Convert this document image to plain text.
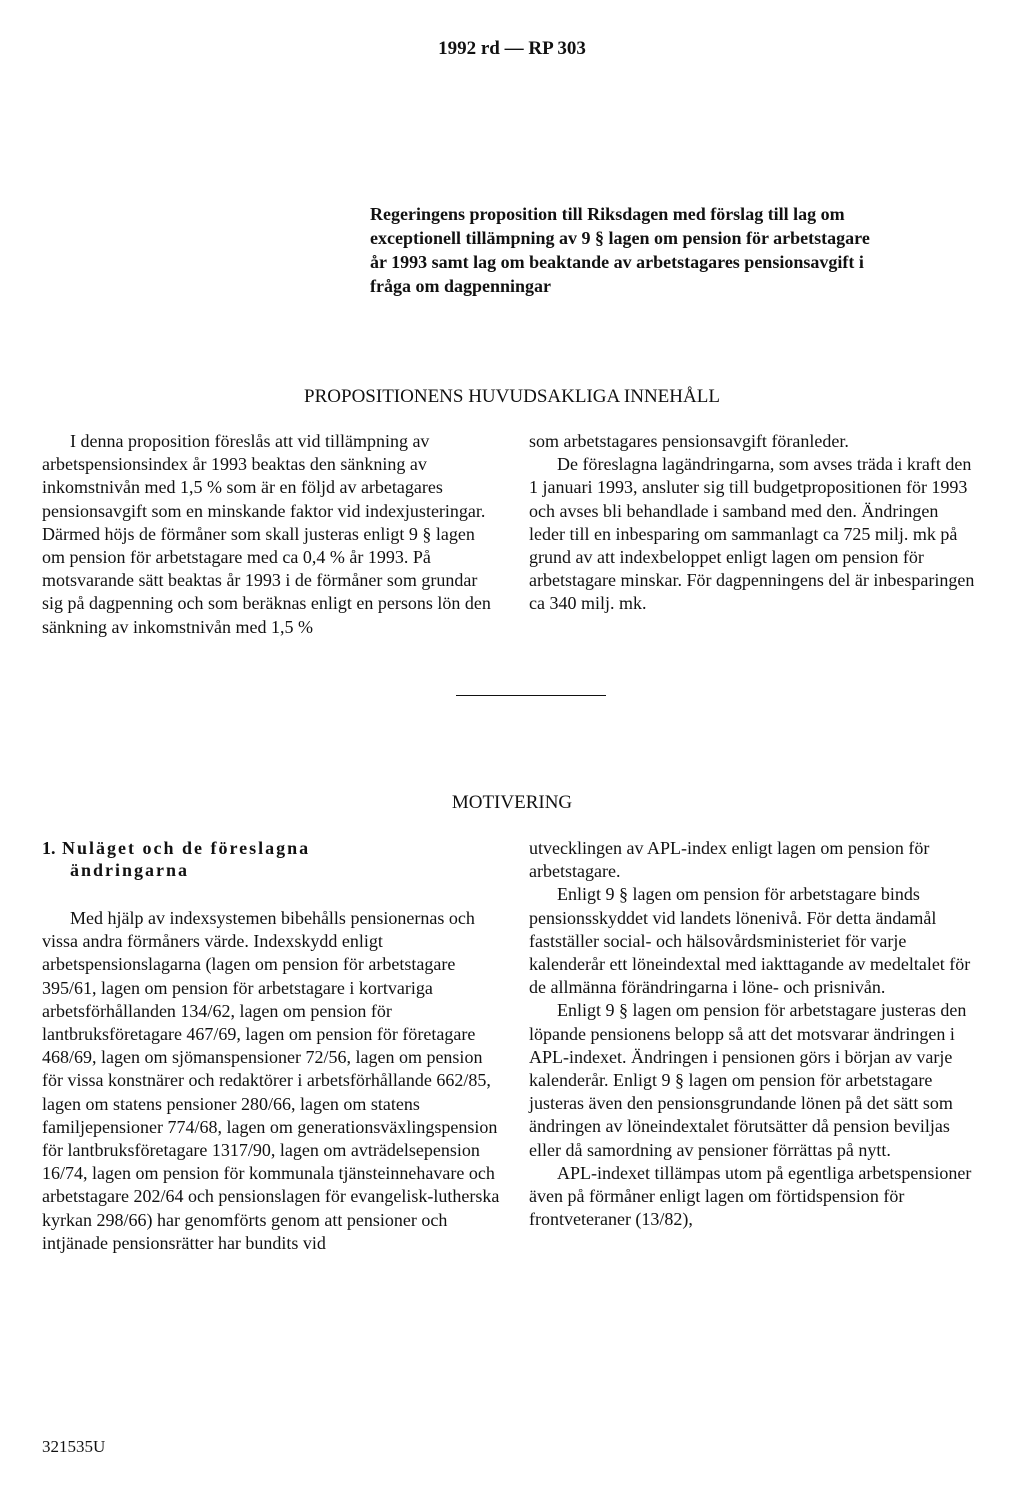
1992 rd — RP 303

Regeringens proposition till Riksdagen med förslag till lag om

exceptionell tillämpning av 9 § lagen om pension för arbetstagare

år 1993 samt lag om beaktande av arbetstagares pensionsavgift i

fråga om dagpenningar

PROPOSITIONENS HUVUDSAKLIGA INNEHÅLL

I denna proposition föreslås att vid tillämpning av arbetspensionsindex år 1993 beaktas den sänkning av inkomstnivån med 1,5 % som är en följd av arbetagares pensionsavgift som en minskande faktor vid indexjusteringar. Därmed höjs de förmåner som skall justeras enligt 9 § lagen om pension för arbetstagare med ca 0,4 % år 1993. På motsvarande sätt beaktas år 1993 i de förmåner som grundar sig på dagpenning och som beräknas enligt en persons lön den sänkning av inkomstnivån med 1,5 %

som arbetstagares pensionsavgift föranleder.

De föreslagna lagändringarna, som avses träda i kraft den 1 januari 1993, ansluter sig till budgetpropositionen för 1993 och avses bli behandlade i samband med den. Ändringen leder till en inbesparing om sammanlagt ca 725 milj. mk på grund av att indexbeloppet enligt lagen om pension för arbetstagare minskar. För dagpenningens del är inbesparingen ca 340 milj. mk.

MOTIVERING

1. Nuläget och de föreslagna
ändringarna

Med hjälp av indexsystemen bibehålls pensionernas och vissa andra förmåners värde. Indexskydd enligt arbetspensionslagarna (lagen om pension för arbetstagare 395/61, lagen om pension för arbetstagare i kortvariga arbetsförhållanden 134/62, lagen om pension för lantbruksföretagare 467/69, lagen om pension för företagare 468/69, lagen om sjömanspensioner 72/56, lagen om pension för vissa konstnärer och redaktörer i arbetsförhållande 662/85, lagen om statens pensioner 280/66, lagen om statens familjepensioner 774/68, lagen om generationsväxlingspension för lantbruksföretagare 1317/90, lagen om avträdelsepension 16/74, lagen om pension för kommunala tjänsteinnehavare och arbetstagare 202/64 och pensionslagen för evangelisk-lutherska kyrkan 298/66) har genomförts genom att pensioner och intjänade pensionsrätter har bundits vid

utvecklingen av APL-index enligt lagen om pension för arbetstagare.

Enligt 9 § lagen om pension för arbetstagare binds pensionsskyddet vid landets lönenivå. För detta ändamål fastställer social- och hälsovårdsministeriet för varje kalenderår ett löneindextal med iakttagande av medeltalet för de allmänna förändringarna i löne- och prisnivån.

Enligt 9 § lagen om pension för arbetstagare justeras den löpande pensionens belopp så att det motsvarar ändringen i APL-indexet. Ändringen i pensionen görs i början av varje kalenderår. Enligt 9 § lagen om pension för arbetstagare justeras även den pensionsgrundande lönen på det sätt som ändringen av löneindextalet förutsätter då pension beviljas eller då samordning av pensioner förrättas på nytt.

APL-indexet tillämpas utom på egentliga arbetspensioner även på förmåner enligt lagen om förtidspension för frontveteraner (13/82),

321535U
